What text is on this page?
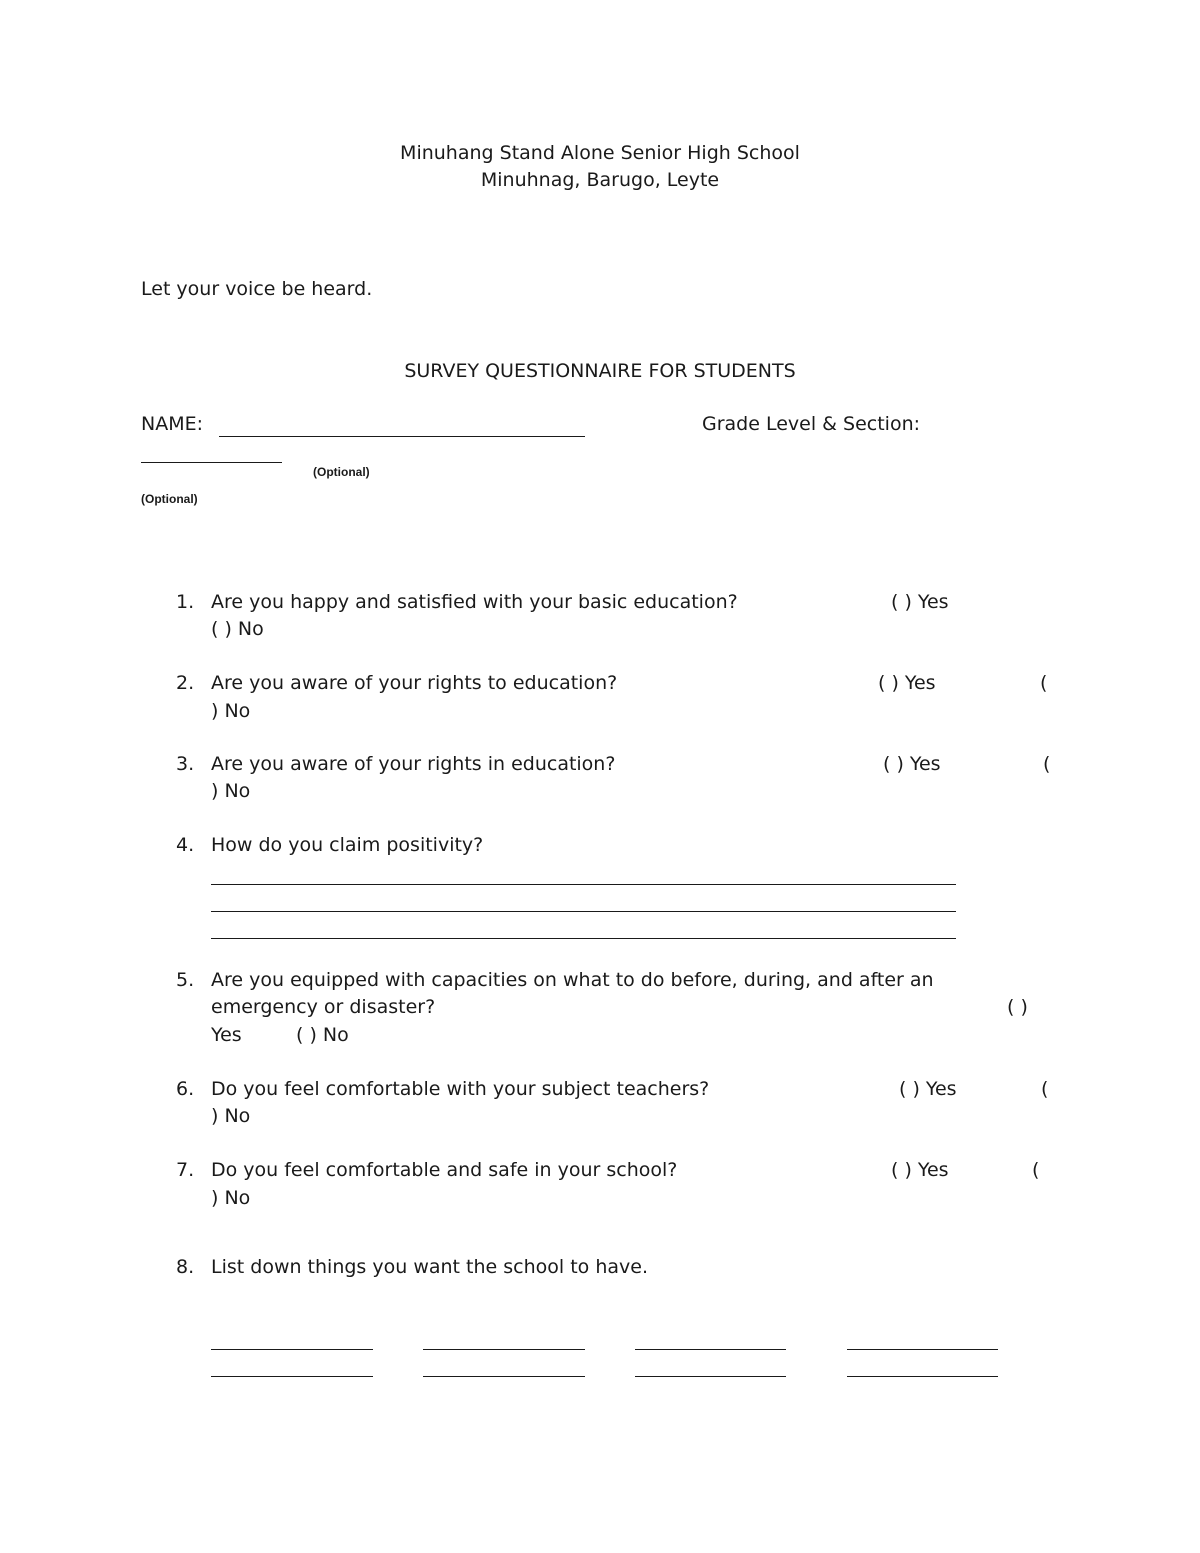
Minuhang Stand Alone Senior High School
Minuhnag, Barugo, Leyte
Let your voice be heard.
SURVEY QUESTIONNAIRE FOR STUDENTS
NAME:	Grade Level & Section:
(Optional)
(Optional)
1. Are you happy and satisfied with your basic education?	( ) Yes
( ) No
2. Are you aware of your rights to education?	( ) Yes	(
) No
3. Are you aware of your rights in education?	( ) Yes	(
) No
4. How do you claim positivity?
5. Are you equipped with capacities on what to do before, during, and after an
emergency or disaster?	( )
Yes	( ) No
6. Do you feel comfortable with your subject teachers?	( ) Yes	(
) No
7. Do you feel comfortable and safe in your school?	( ) Yes	(
) No
8. List down things you want the school to have.
